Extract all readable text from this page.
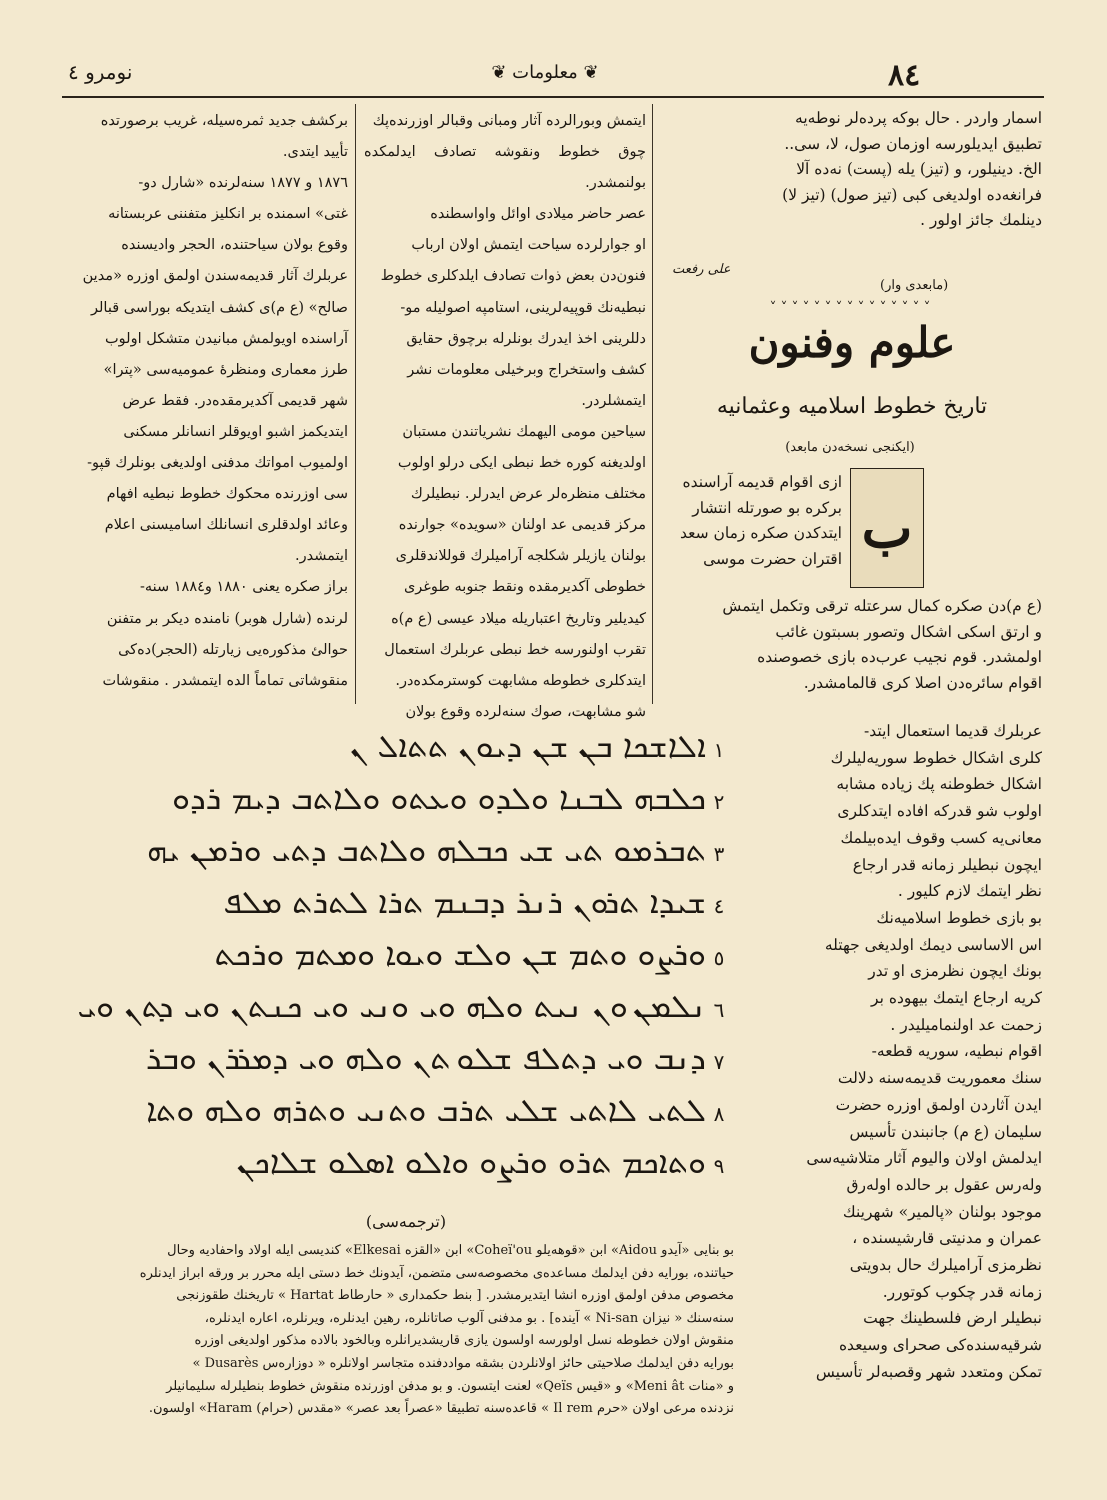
٨٤
❦ معلومات ❦
نومرو ٤

اسمار واردر . حال بوکه پرده‌لر نوطه‌یه

تطبیق ایدیلورسه اوزمان صول، لا، سی..

الخ. دینیلور، و (تیز) یله (پست) نه‌ده آلا

فرانغه‌ده اولدیغی کبی (تیز صول) (تیز لا)

دینلمك جائز اولور .

(مابعدی وار)
علی رفعت
˅˅˅˅˅˅˅˅˅˅˅˅˅˅˅
علوم وفنون
تاریخ خطوط اسلامیه وعثمانیه
(ایکنجی نسخه‌دن مابعد)
ب

ازی اقوام قدیمه آراسنده

برکره بو صورتله انتشار

ایتدکدن صکره زمان سعد

اقتران حضرت موسی

(ع م)دن صکره کمال سرعتله ترقی وتکمل ایتمش

و ارتق اسکی اشکال وتصور بسبتون غائب

اولمشدر. قوم نجیب عرب‌ده بازی خصوصنده

اقوام سائره‌دن اصلا کری قالمامشدر.

عربلرك قدیما استعمال ایتد-

کلری اشکال خطوط سوریه‌لیلرك

اشکال خطوطنه پك زیاده مشابه

اولوب شو قدرکه افاده ایتدکلری

معانی‌یه کسب وقوف ایده‌بیلمك

ایچون نبطیلر زمانه قدر ارجاع

نظر ایتمك لازم کلیور .

بو بازی خطوط اسلامیه‌نك

اس الاساسی دیمك اولدیغی جهتله

بونك ایچون نظرمزی او تدر

کریه ارجاع ایتمك بیهوده بر

زحمت عد اولنمامیلیدر .

اقوام نبطیه، سوریه قطعه-

سنك معموریت قدیمه‌سنه دلالت

ایدن آثاردن اولمق اوزره حضرت

سلیمان (ع م) جانبندن تأسیس

ایدلمش اولان والیوم آثار متلاشیه‌سی

وله‌رس عقول بر حالده اوله‌رق

موجود بولنان «پالمیر» شهرینك

عمران و مدنیتی قارشیسنده ،

نظرمزی آرامیلرك حال بدویتی

زمانه قدر چکوب کوتورر.

نبطیلر ارض فلسطینك جهت

شرقیه‌سنده‌کی صحرای وسیعده

تمکن ومتعدد شهر وقصبه‌لر تأسیس

ایتمش وبورالرده آثار ومبانی وقبالر اوزرنده‌پك

چوق خطوط ونقوشه تصادف ایدلمکده بولنمشدر.

عصر حاضر میلادی اوائل واواسطنده

او جوارلرده سیاحت ایتمش اولان ارباب

فنون‌دن بعض ذوات تصادف ایلدکلری خطوط

نبطیه‌نك قوپیه‌لرینی، استامپه اصولیله مو-

دللرینی اخذ ایدرك بونلرله برچوق حقایق

کشف واستخراج وبرخیلی معلومات نشر

ایتمشلردر.

سیاحین مومی الیهمك نشریاتندن مستبان

اولدیغنه کوره خط نبطی ایکی درلو اولوب

مختلف منظره‌لر عرض ایدرلر. نبطیلرك

مرکز قدیمی عد اولنان «سویده» جوارنده

بولنان یازیلر شکلجه آرامیلرك قوللاندقلری

خطوطی آکدیرمقده ونقط جنوبه طوغری

کیدیلیر وتاریخ اعتباریله میلاد عیسی (ع م)ه

تقرب اولنورسه خط نبطی عربلرك استعمال

ایتدکلری خطوطه مشابهت کوسترمکده‌در.

شو مشابهت، صوك سنه‌لرده وقوع بولان

برکشف جدید ثمره‌سیله، غریب برصورتده

تأیید ایتدی.

١٨٧٦ و ١٨٧٧ سنه‌لرنده «شارل دو-

غتی» اسمنده بر انکلیز متفننی عربستانه

وقوع بولان سیاحتنده، الحجر وادیسنده

عربلرك آثار قدیمه‌سندن اولمق اوزره «مدین

صالح» (ع م)ی کشف ایتدیکه بوراسی قبالر

آراسنده اویولمش مبانیدن متشکل اولوب

طرز معماری ومنظرۀ عمومیه‌سی «پترا»

شهر قدیمی آکدیرمقده‌در. فقط عرض

ایتدیکمز اشبو اویوقلر انسانلر مسکنی

اولمیوب امواتك مدفنی اولدیغی بونلرك قپو-

سی اوزرنده محکوك خطوط نبطیه افهام

وعائد اولدقلری انسانلك اسامیسنی اعلام

ایتمشدر.

براز صکره یعنی ١٨٨٠ و١٨٨٤ سنه-

لرنده (شارل هوبر) نامنده دیکر بر متفنن

حوالئ مذکوره‌یی زیارتله (الحجر)ده‌کی

منقوشاتی تماماً الده ایتمشدر . منقوشات

١ܐܠܐܫܟܐ ܒܢ ܫܢ ܕܝܘܢ ܬܬܐܠ ܢ
٢ܟܠܒܗ ܠܒܢܐ ܘܠܕܘ ܘܥܬܘ ܘܠܐܬܒ ܕܝܡ ܪܕܘ
٣ܬܒܪܡܘ ܬܝ ܫܝ ܟܒܠܗ ܘܠܐܬܒ ܕܬܝ ܘܪܡܢ ܝܗ
٤ܫܝܕܐ ܬܪܘܢ ܪܢܪ ܕܒܢܡ ܬܪܐ ܠܬܪܬ ܡܠܦ
٥ܘܪܨܘ ܘܬܡ ܫܢ ܘܠܫ ܘܝܘܐ ܘܡܬܡ ܘܪܟܬ
٦ܢܠܡܢ ܘܢ ܢܝܬ ܘܠܗ ܘܝ ܘܢܝ ܘܝ ܟܢܬܢ ܘܝ ܕܬܢ ܘܝ
٧ܕܢܒ ܘܝ ܕܬܠܦ ܫܠܘ ܬܢ ܘܠܗ ܘܝ ܕܡܪܪܢ ܘܒܪ
٨ܠܬܝ ܠܐܬܝ ܫܠܝ ܬܪܒ ܘܬܢܝ ܘܬܪܗ ܘܠܗ ܘܬܐ
٩ܘܬܐܟܡ ܬܪܘ ܘܪܨܘ ܘܐܠܘ ܐܣܠܘ ܫܠܐܟܢ
(ترجمه‌سی)

بو بنایی «آیدو Aidou» ابن «قوهه‌یلو Coheï'ou» ابن «القزه Elkesai» کندیسی ایله اولاد واحفادیه وحال

حیاتنده، بورایه دفن ایدلمك مساعده‌ی مخصوصه‌سی متضمن، آیدونك خط دستی ایله محرر بر ورقه ابراز ایدنلره

مخصوص مدفن اولمق اوزره انشا ایتدیرمشدر. [ بنط حکمداری « حارطاط Hartat » تاریخنك طقوزنجی

سنه‌سنك « نیزان Ni-san » آینده] . بو مدفنی آلوب صاتانلره، رهین ایدنلره، ویرنلره، اعاره ایدنلره،

منقوش اولان خطوطه نسل اولورسه اولسون یازی قاریشدیرانلره وبالخود بالاده مذکور اولدیغی اوزره

بورایه دفن ایدلمك صلاحیتی حائز اولانلردن بشقه مواددفنده متجاسر اولانلره « دوزاره‌س Dusarès »

و «منات Meni ât» و «قیس Qeïs» لعنت ایتسون. و بو مدفن اوزرنده منقوش خطوط بنطیلرله سلیمانیلر

نزدنده مرعی اولان «حرم Il rem » قاعده‌سنه تطبیقا «عصراً بعد عصر» «مقدس (حرام) Haram» اولسون.
